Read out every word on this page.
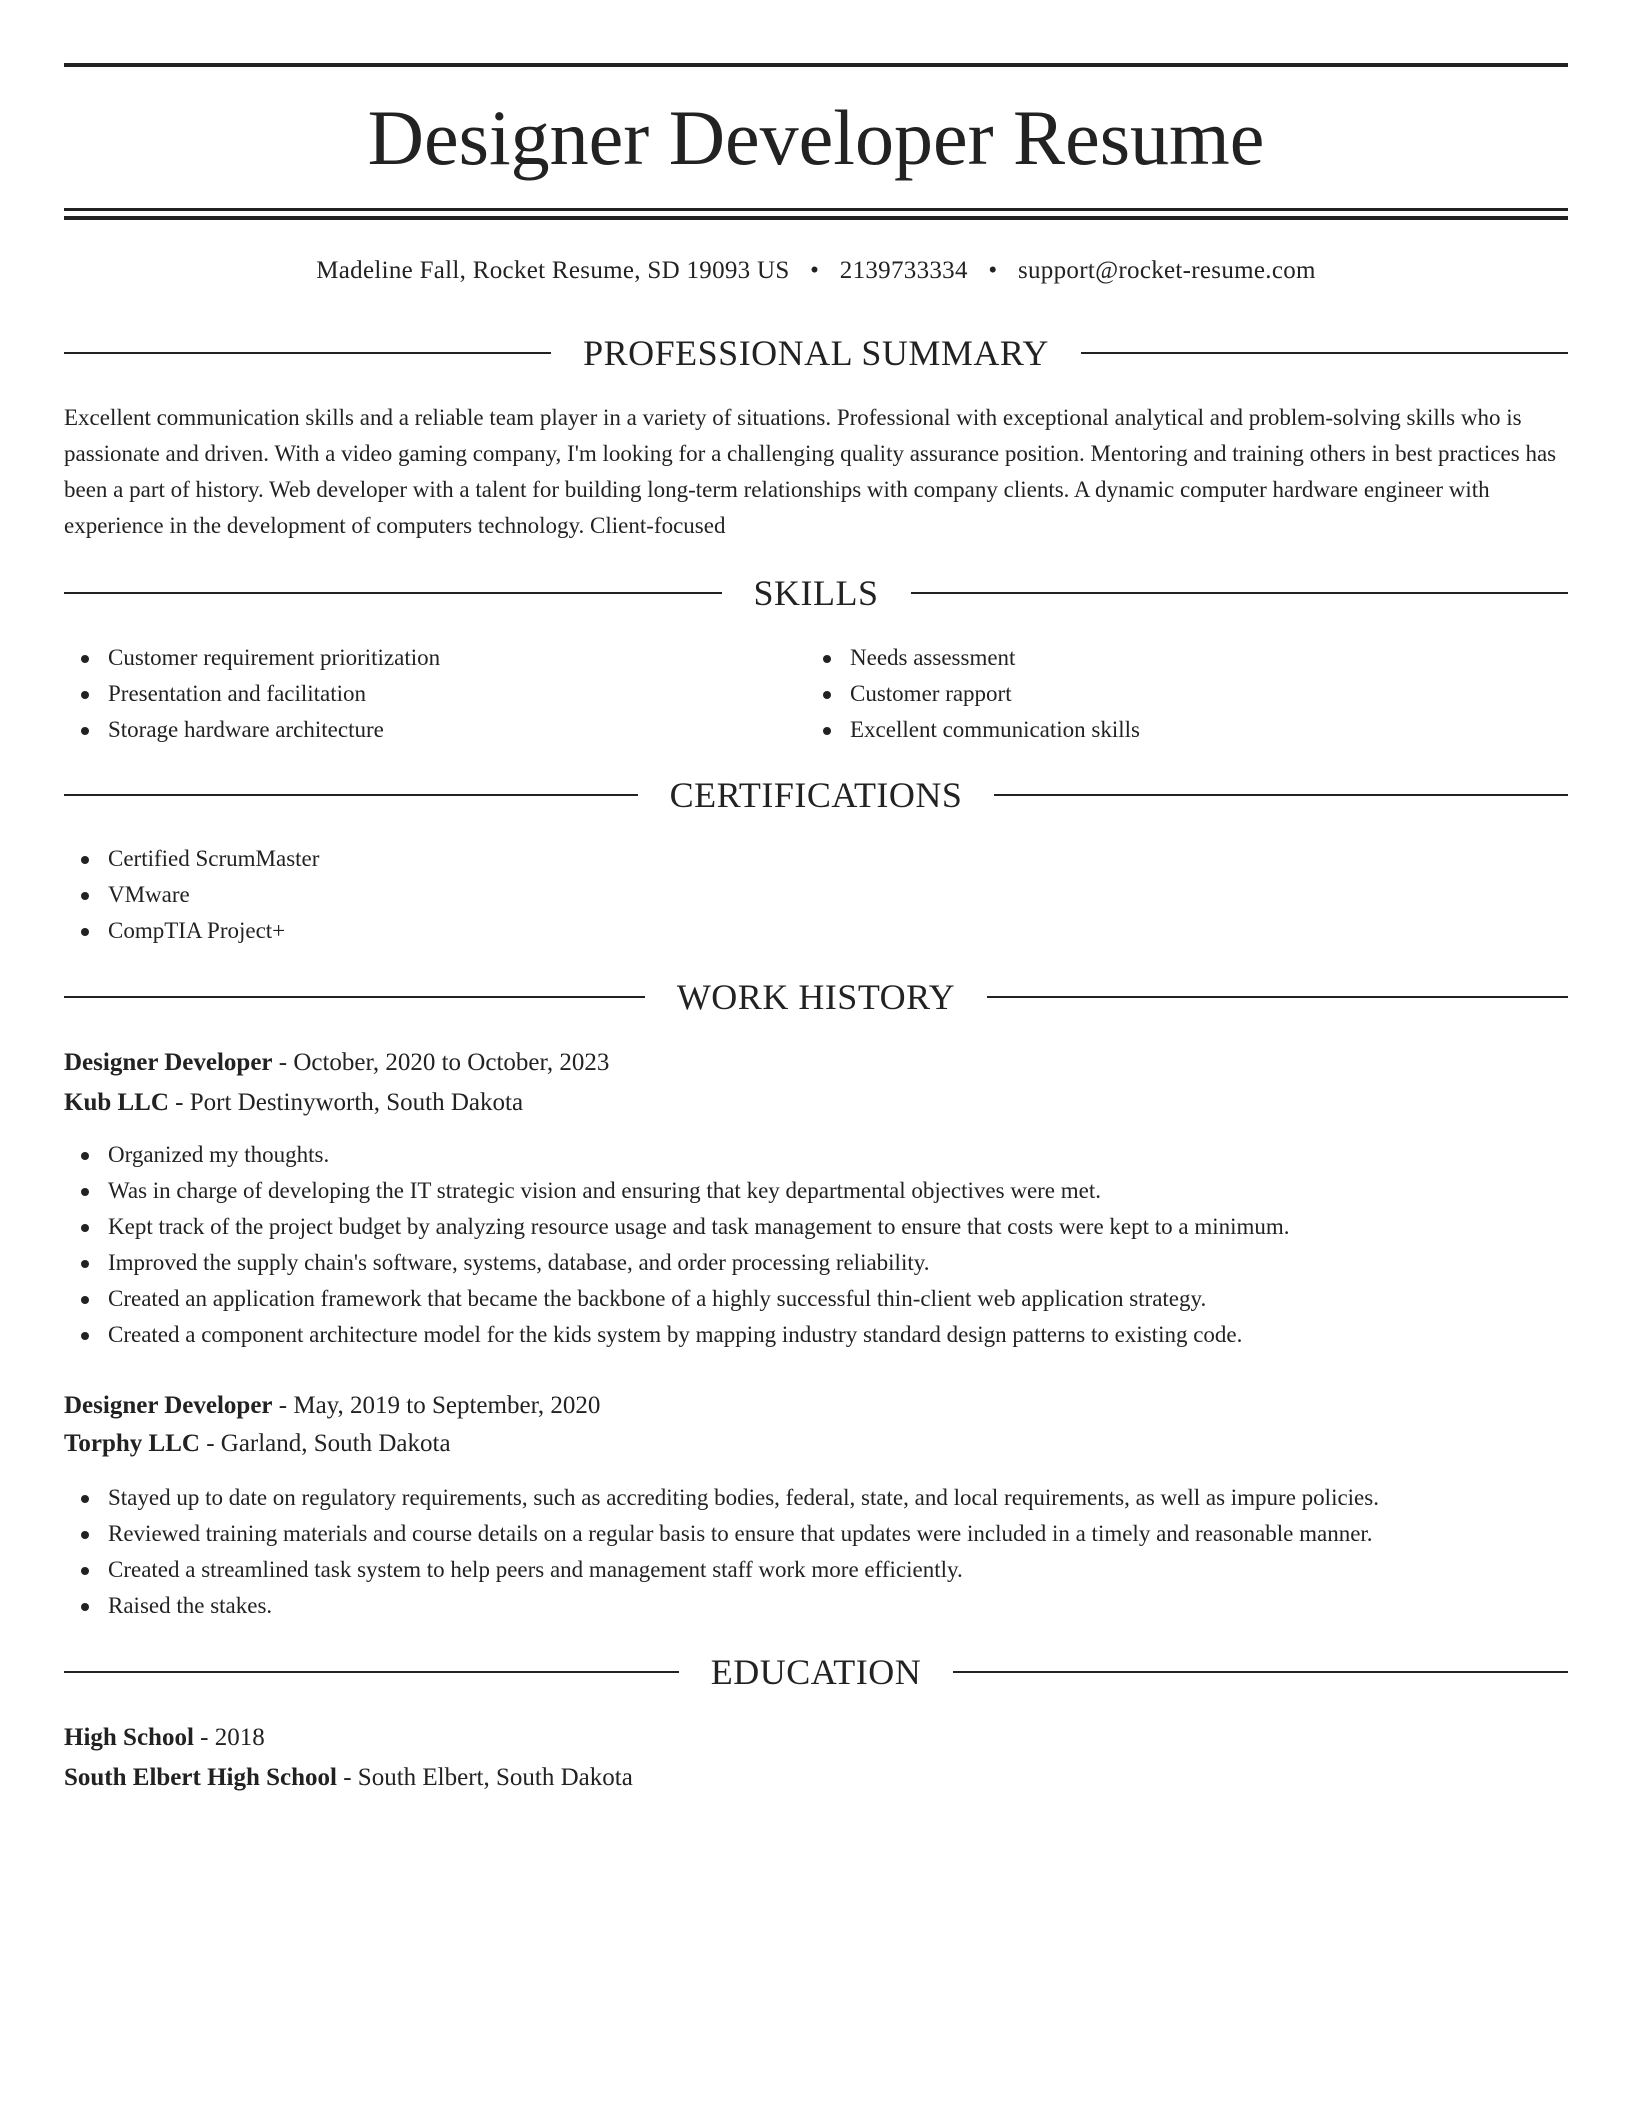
Designer Developer Resume
Madeline Fall, Rocket Resume, SD 19093 US • 2139733334 • support@rocket-resume.com
PROFESSIONAL SUMMARY

Excellent communication skills and a reliable team player in a variety of situations. Professional with exceptional analytical and problem-solving skills who is passionate and driven. With a video gaming company, I'm looking for a challenging quality assurance position. Mentoring and training others in best practices has been a part of history. Web developer with a talent for building long-term relationships with company clients. A dynamic computer hardware engineer with experience in the development of computers technology. Client-focused

SKILLS
Customer requirement prioritization
Presentation and facilitation
Storage hardware architecture
Needs assessment
Customer rapport
Excellent communication skills
CERTIFICATIONS
Certified ScrumMaster
VMware
CompTIA Project+
WORK HISTORY
Designer Developer - October, 2020 to October, 2023
Kub LLC - Port Destinyworth, South Dakota
Organized my thoughts.
Was in charge of developing the IT strategic vision and ensuring that key departmental objectives were met.
Kept track of the project budget by analyzing resource usage and task management to ensure that costs were kept to a minimum.
Improved the supply chain's software, systems, database, and order processing reliability.
Created an application framework that became the backbone of a highly successful thin-client web application strategy.
Created a component architecture model for the kids system by mapping industry standard design patterns to existing code.
Designer Developer - May, 2019 to September, 2020
Torphy LLC - Garland, South Dakota
Stayed up to date on regulatory requirements, such as accrediting bodies, federal, state, and local requirements, as well as impure policies.
Reviewed training materials and course details on a regular basis to ensure that updates were included in a timely and reasonable manner.
Created a streamlined task system to help peers and management staff work more efficiently.
Raised the stakes.
EDUCATION
High School - 2018
South Elbert High School - South Elbert, South Dakota
